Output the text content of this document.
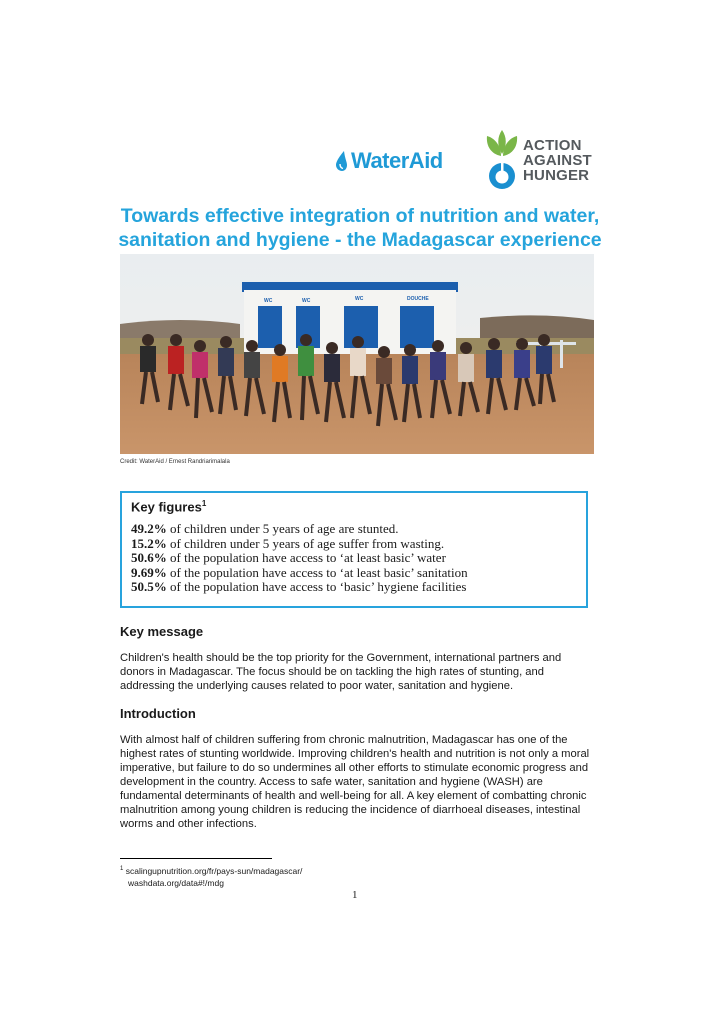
WaterAid
ACTION
AGAINST
HUNGER
Towards effective integration of nutrition and water, sanitation and hygiene - the Madagascar experience
WC	WC	WC	DOUCHE
Credit: WaterAid / Ernest Randriarimalala
Key figures$^1$
49.2% of children under 5 years of age are stunted.
15.2% of children under 5 years of age suffer from wasting.
50.6% of the population have access to ‘at least basic’ water
9.69% of the population have access to ‘at least basic’ sanitation
50.5% of the population have access to ‘basic’ hygiene facilities
Key message
Children's health should be the top priority for the Government, international partners and donors in Madagascar. The focus should be on tackling the high rates of stunting, and addressing the underlying causes related to poor water, sanitation and hygiene.
Introduction
With almost half of children suffering from chronic malnutrition, Madagascar has one of the highest rates of stunting worldwide. Improving children's health and nutrition is not only a moral imperative, but failure to do so undermines all other efforts to stimulate economic progress and development in the country. Access to safe water, sanitation and hygiene (WASH) are fundamental determinants of health and well-being for all. A key element of combatting chronic malnutrition among young children is reducing the incidence of diarrhoeal diseases, intestinal worms and other infections.
$^1$ scalingupnutrition.org/fr/pays-sun/madagascar/
washdata.org/data#!/mdg
1
